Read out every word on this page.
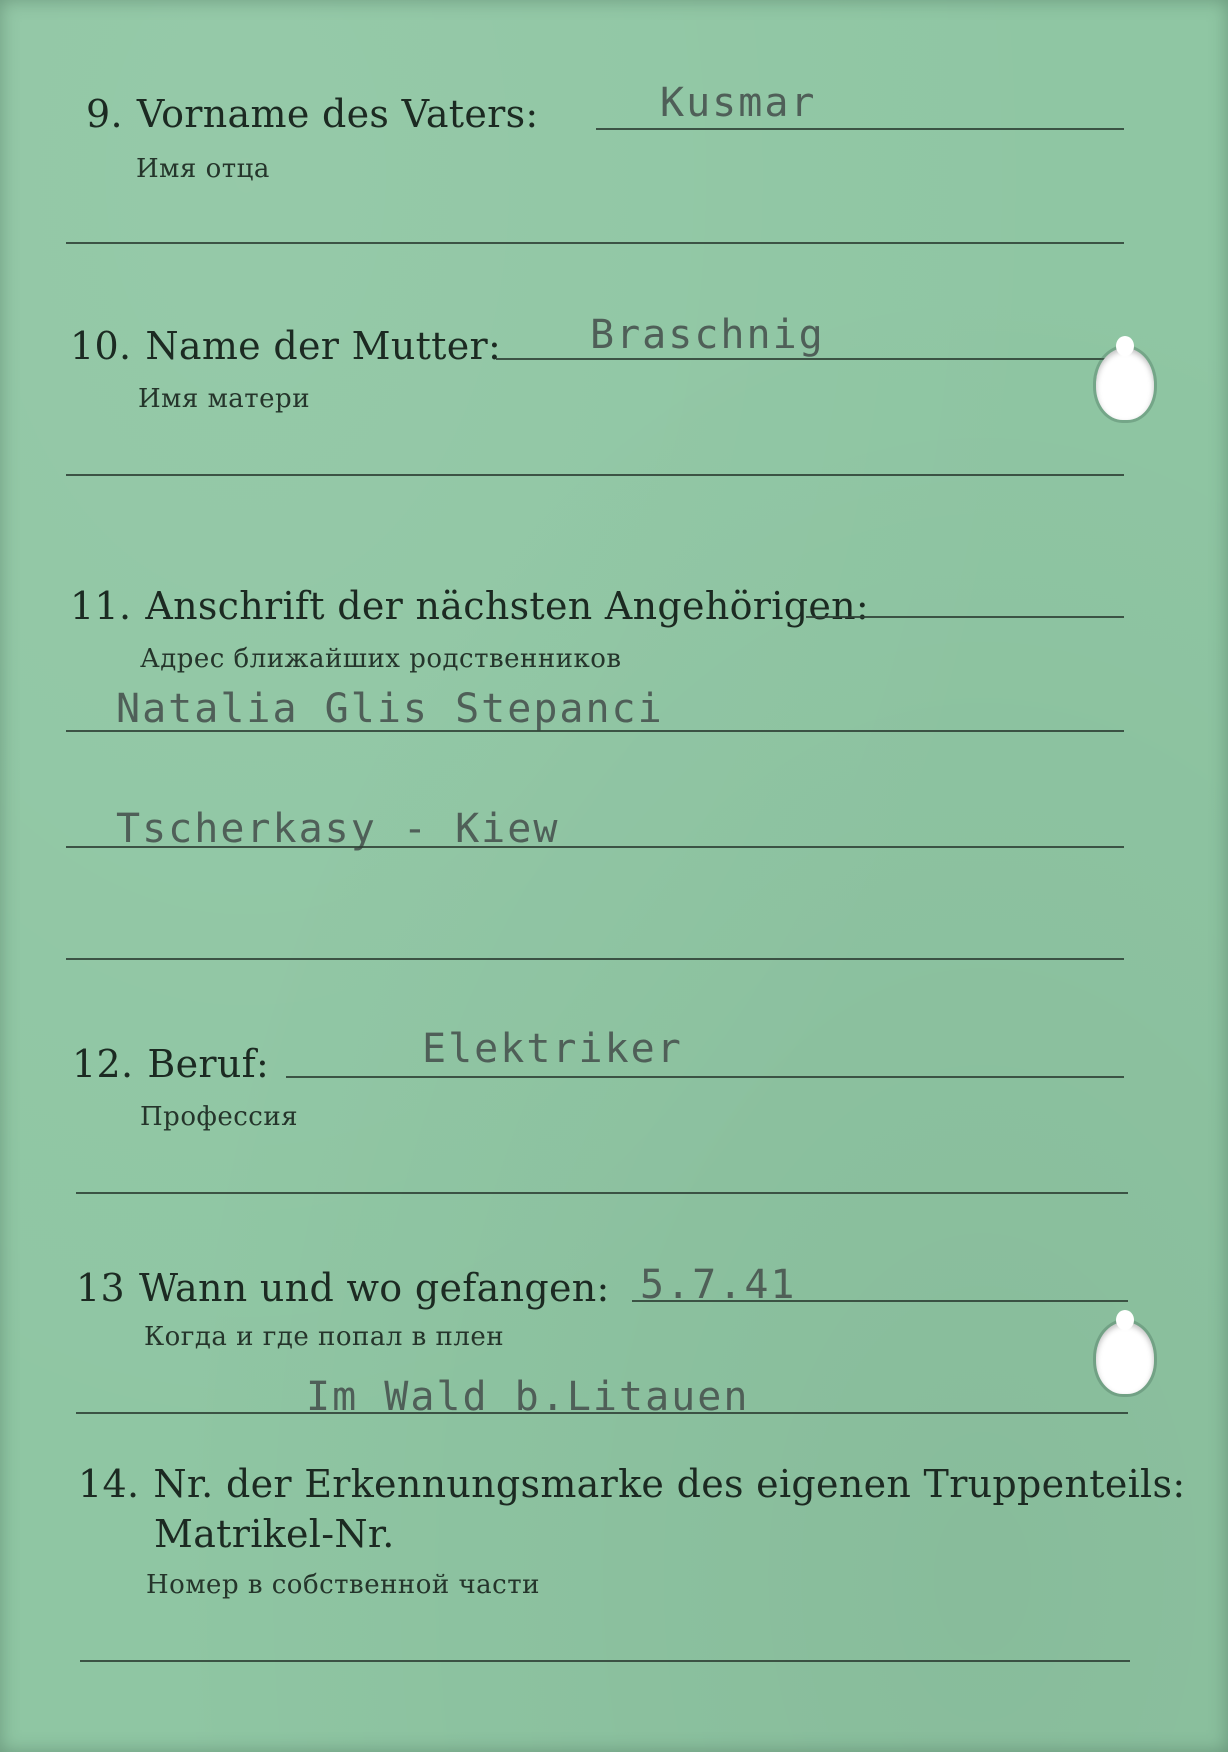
9. Vorname des Vaters:	Kusmar
Имя отца
10. Name der Mutter: Braschnig
Имя матери
11. Anschrift der nächsten Angehörigen:
Адрес ближайших родственников
Natalia Glis Stepanci
Tscherkasy - Kiew
12. Beruf:	Elektriker
Профессия
13 Wann und wo gefangen: 5.7.41
Когда и где попал в плен
Im Wald b.Litauen
14. Nr. der Erkennungsmarke des eigenen Truppenteils:
Matrikel-Nr.
Номер в собственной части
